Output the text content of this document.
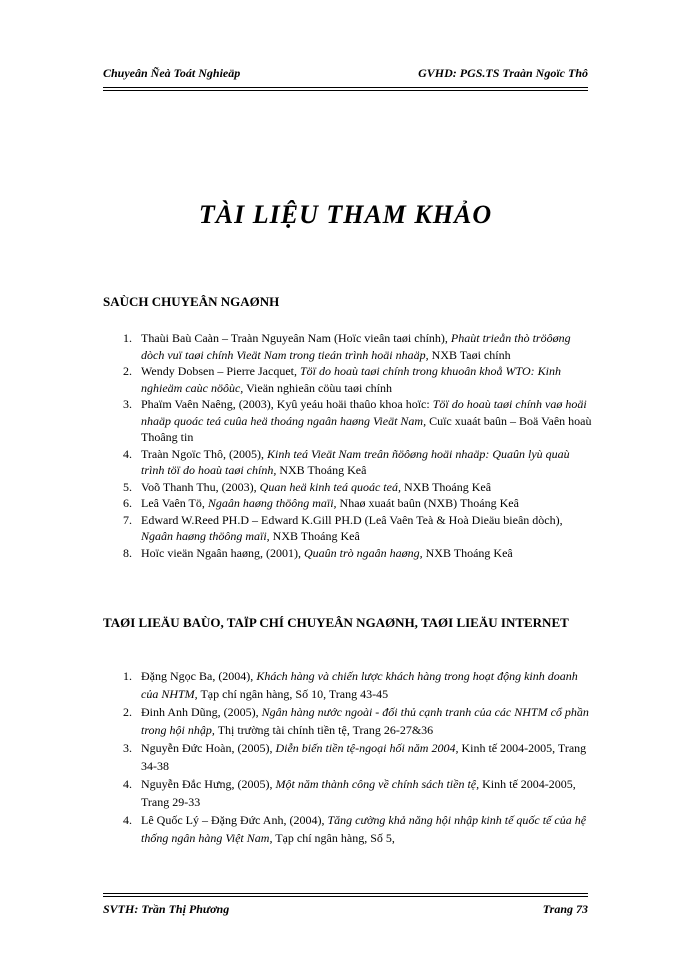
Chuyeân Ñeà Toát Nghieäp	GVHD: PGS.TS Traàn Ngoïc Thô
TÀI LIỆU THAM KHẢO
SAÙCH CHUYEÂN NGAØNH
1. Thaùi Baù Caàn – Traàn Nguyeân Nam (Hoïc vieân taøi chính), Phaùt trieån thò tröôøng dòch vuï taøi chính Vieät Nam trong tieán trình hoäi nhaäp, NXB Taøi chính
2. Wendy Dobsen – Pierre Jacquet, Töï do hoaù taøi chính trong khuoân khoå WTO: Kinh nghieäm caùc nöôùc, Vieän nghieân cöùu taøi chính
3. Phaïm Vaên Naêng, (2003), Kyû yeáu hoäi thaûo khoa hoïc: Töï do hoaù taøi chính vaø hoäi nhaäp quoác teá cuûa heä thoáng ngaân haøng Vieät Nam, Cuïc xuaát baûn – Boä Vaên hoaù Thoâng tin
4. Traàn Ngoïc Thô, (2005), Kinh teá Vieät Nam treân ñöôøng hoäi nhaäp: Quaûn lyù quaù trình töï do hoaù taøi chính, NXB Thoáng Keâ
5. Voõ Thanh Thu, (2003), Quan heä kinh teá quoác teá, NXB Thoáng Keâ
6. Leâ Vaên Tö, Ngaân haøng thöông maïi, Nhaø xuaát baûn (NXB) Thoáng Keâ
7. Edward W.Reed PH.D – Edward K.Gill PH.D (Leâ Vaên Teà & Hoà Dieäu bieân dòch), Ngaân haøng thöông maïi, NXB Thoáng Keâ
8. Hoïc vieän Ngaân haøng, (2001), Quaûn trò ngaân haøng, NXB Thoáng Keâ
TAØI LIEÄU BAÙO, TAÏP CHÍ CHUYEÂN NGAØNH, TAØI LIEÄU INTERNET
1. Đặng Ngọc Ba, (2004), Khách hàng và chiến lược khách hàng trong hoạt động kinh doanh của NHTM, Tạp chí ngân hàng, Số 10, Trang 43-45
2. Đinh Anh Dũng, (2005), Ngân hàng nước ngoài - đối thủ cạnh tranh của các NHTM cổ phần trong hội nhập, Thị trường tài chính tiền tệ, Trang 26-27&36
3. Nguyễn Đức Hoàn, (2005), Diễn biến tiền tệ-ngoại hối năm 2004, Kinh tế 2004-2005, Trang 34-38
4. Nguyễn Đắc Hưng, (2005), Một năm thành công về chính sách tiền tệ, Kinh tế 2004-2005, Trang 29-33
4. Lê Quốc Lý – Đặng Đức Anh, (2004), Tăng cường khả năng hội nhập kinh tế quốc tế của hệ thống ngân hàng Việt Nam, Tạp chí ngân hàng, Số 5,
SVTH: Trần Thị Phương	Trang 73
